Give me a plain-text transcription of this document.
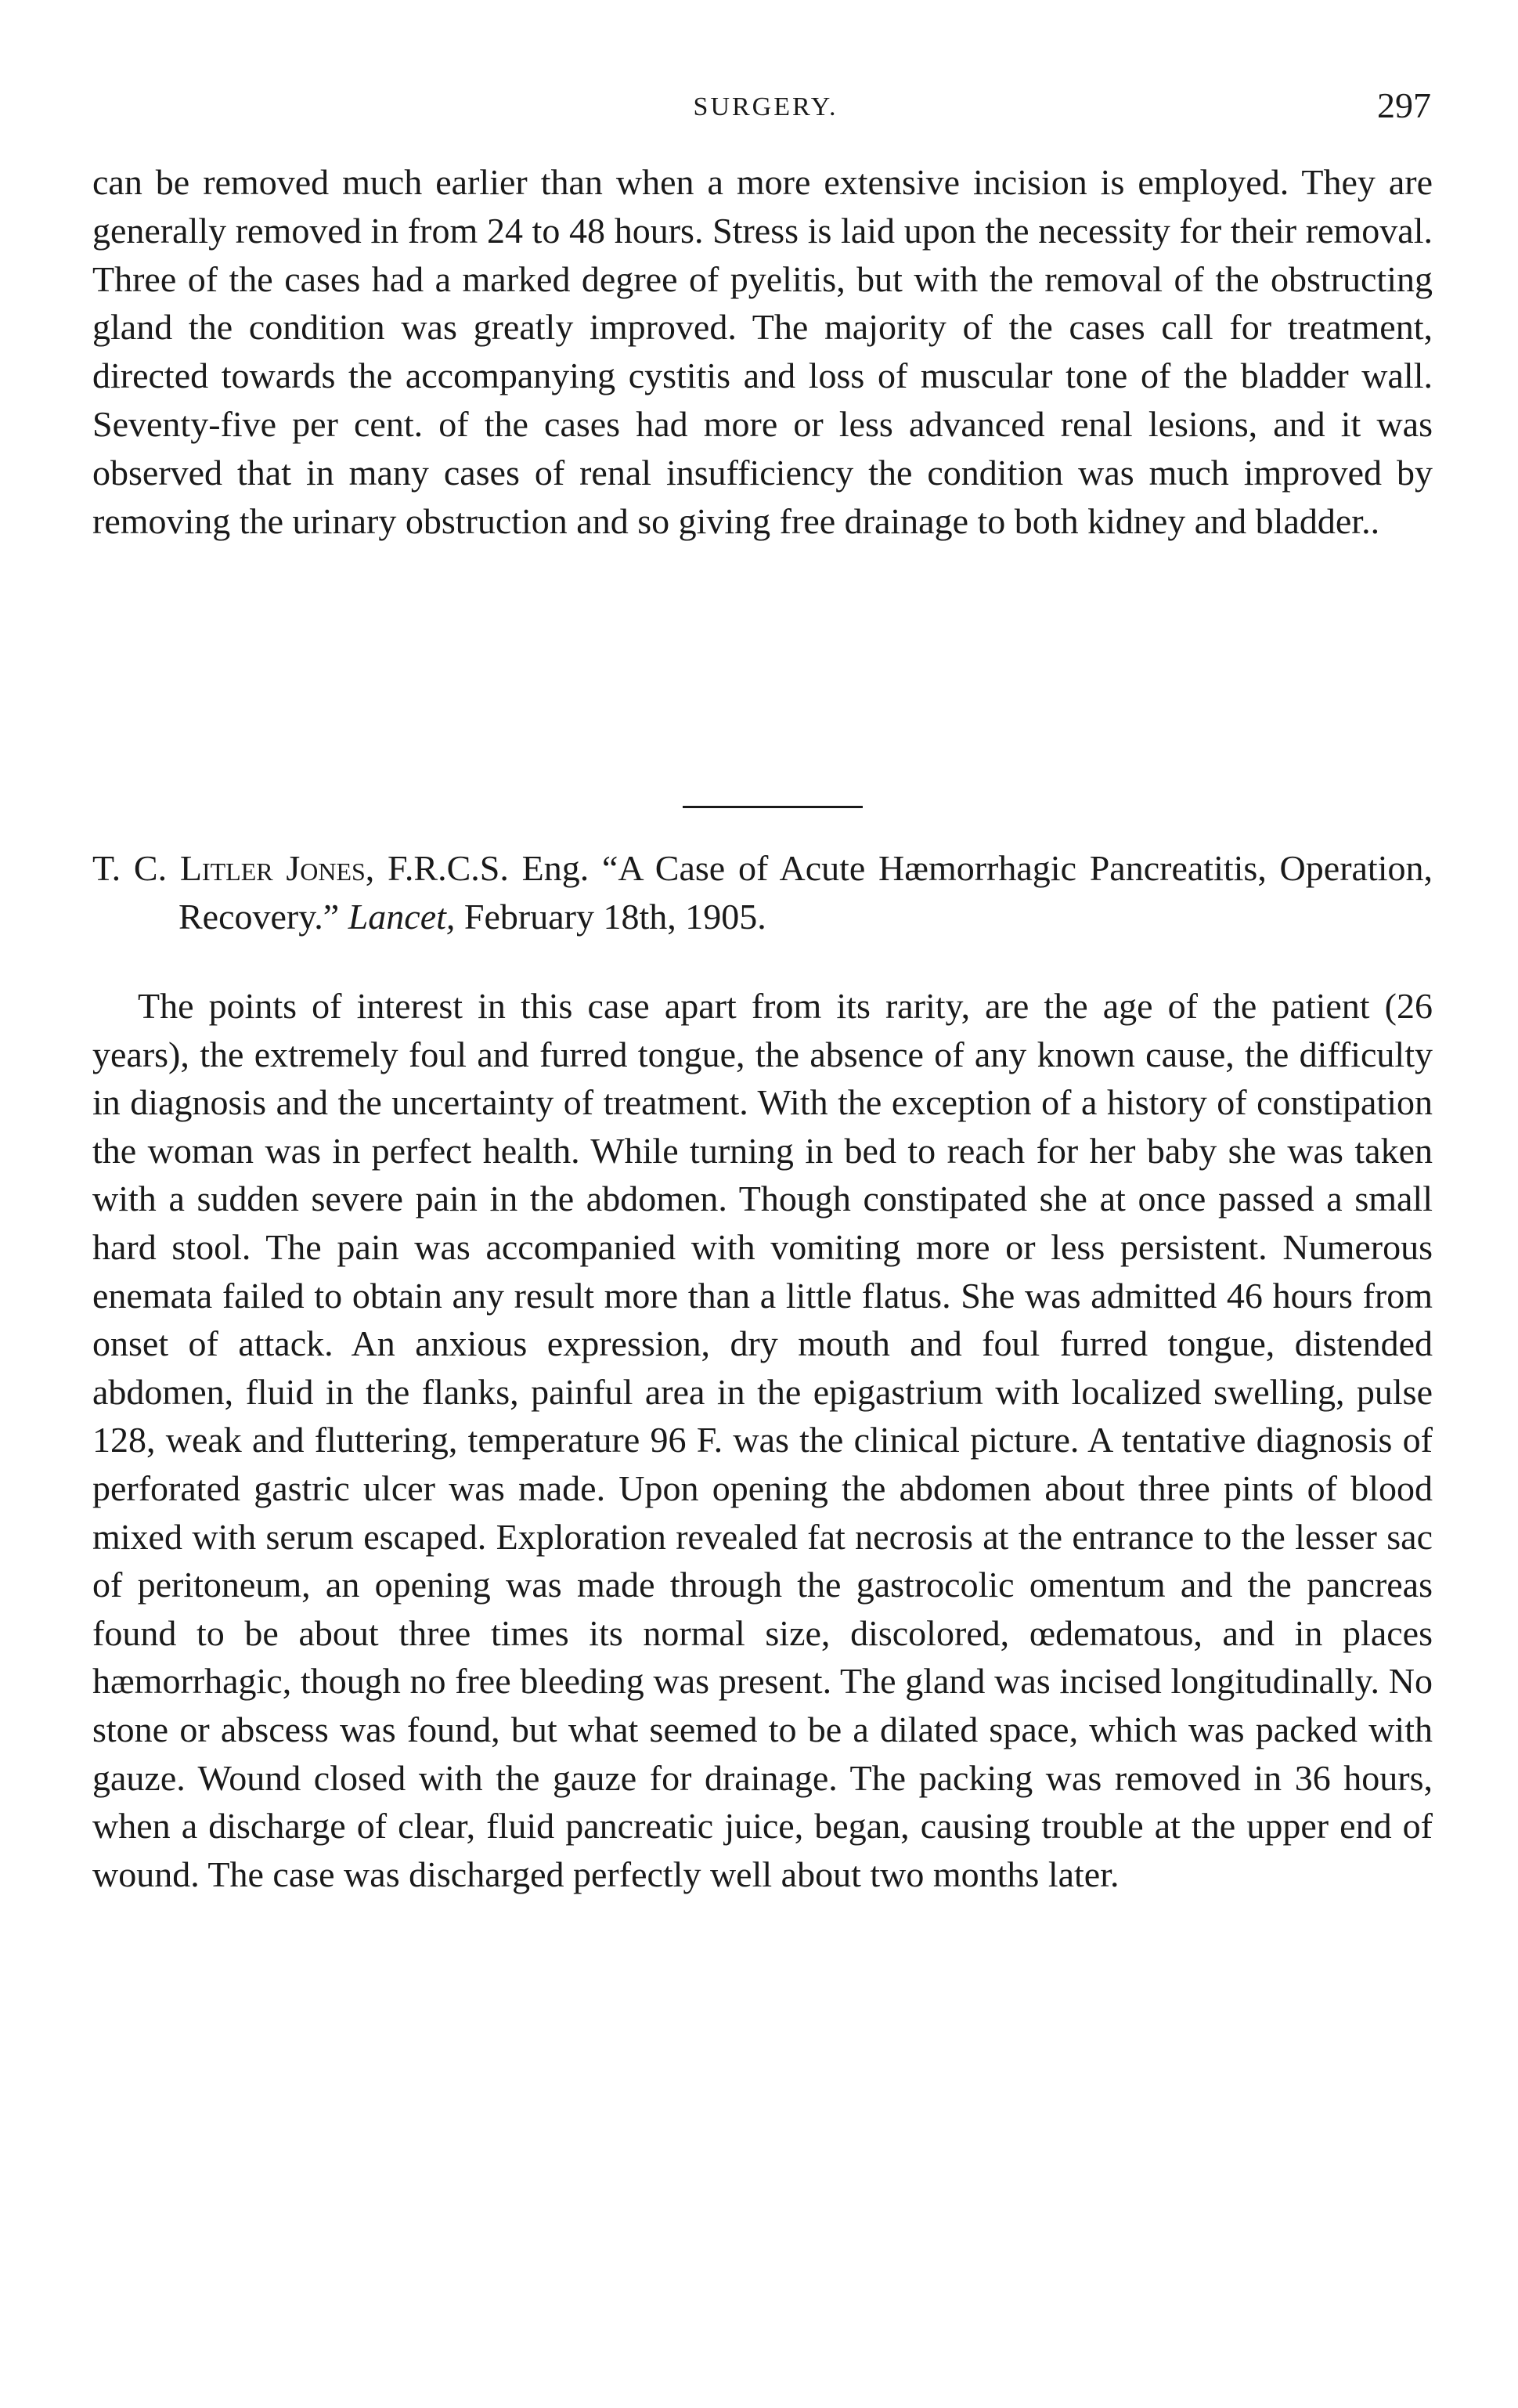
SURGERY.	297

can be removed much earlier than when a more extensive incision is employed. They are generally removed in from 24 to 48 hours. Stress is laid upon the necessity for their removal. Three of the cases had a marked degree of pyelitis, but with the removal of the obstructing gland the condition was greatly improved. The majority of the cases call for treatment, directed towards the accompanying cystitis and loss of muscular tone of the bladder wall. Seventy-five per cent. of the cases had more or less advanced renal lesions, and it was observed that in many cases of renal insufficiency the condition was much improved by removing the urinary obstruction and so giving free drainage to both kidney and bladder..

T. C. Litler Jones, F.R.C.S. Eng. “A Case of Acute Hæmorrhagic Pancreatitis, Operation, Recovery.” Lancet, February 18th, 1905.

The points of interest in this case apart from its rarity, are the age of the patient (26 years), the extremely foul and furred tongue, the absence of any known cause, the difficulty in diagnosis and the uncertainty of treatment. With the exception of a history of constipation the woman was in perfect health. While turning in bed to reach for her baby she was taken with a sudden severe pain in the abdomen. Though constipated she at once passed a small hard stool. The pain was accompanied with vomiting more or less persistent. Numerous enemata failed to obtain any result more than a little flatus. She was admitted 46 hours from onset of attack. An anxious expression, dry mouth and foul furred tongue, distended abdomen, fluid in the flanks, painful area in the epigastrium with localized swelling, pulse 128, weak and fluttering, temperature 96 F. was the clinical picture. A tentative diagnosis of perforated gastric ulcer was made. Upon opening the abdomen about three pints of blood mixed with serum escaped. Exploration revealed fat necrosis at the entrance to the lesser sac of peritoneum, an opening was made through the gastrocolic omentum and the pancreas found to be about three times its normal size, discolored, œdematous, and in places hæmorrhagic, though no free bleeding was present. The gland was incised longitudinally. No stone or abscess was found, but what seemed to be a dilated space, which was packed with gauze. Wound closed with the gauze for drainage. The packing was removed in 36 hours, when a discharge of clear, fluid pancreatic juice, began, causing trouble at the upper end of wound. The case was discharged perfectly well about two months later.
